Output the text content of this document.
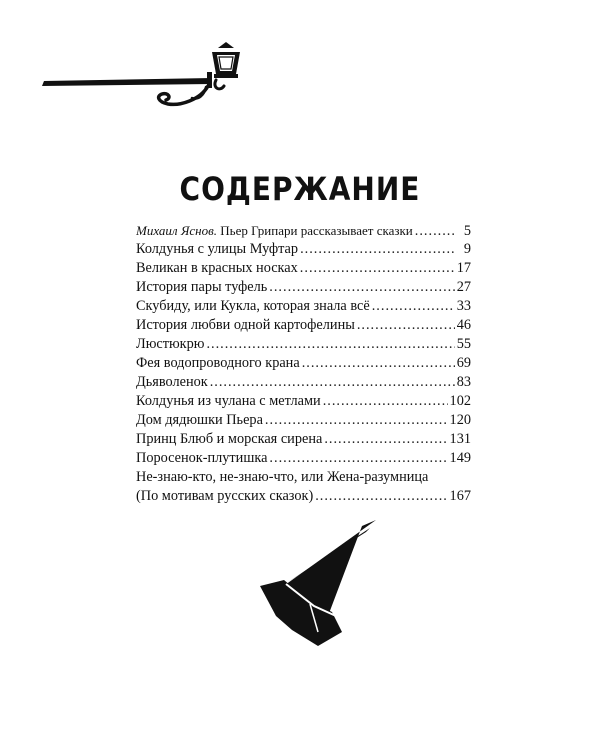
СОДЕРЖАНИЕ
Михаил Яснов. Пьер Грипари рассказывает сказки .....	5
Колдунья с улицы Муфтар .....	9
Великан в красных носках .....	17
История пары туфель .....	27
Скубиду, или Кукла, которая знала всё .....	33
История любви одной картофелины .....	46
Люстюкрю .....	55
Фея водопроводного крана .....	69
Дьяволенок .....	83
Колдунья из чулана с метлами .....	102
Дом дядюшки Пьера .....	120
Принц Блюб и морская сирена .....	131
Поросенок-плутишка .....	149
Не-знаю-кто, не-знаю-что, или Жена-разумница
(По мотивам русских сказок) .....	167
